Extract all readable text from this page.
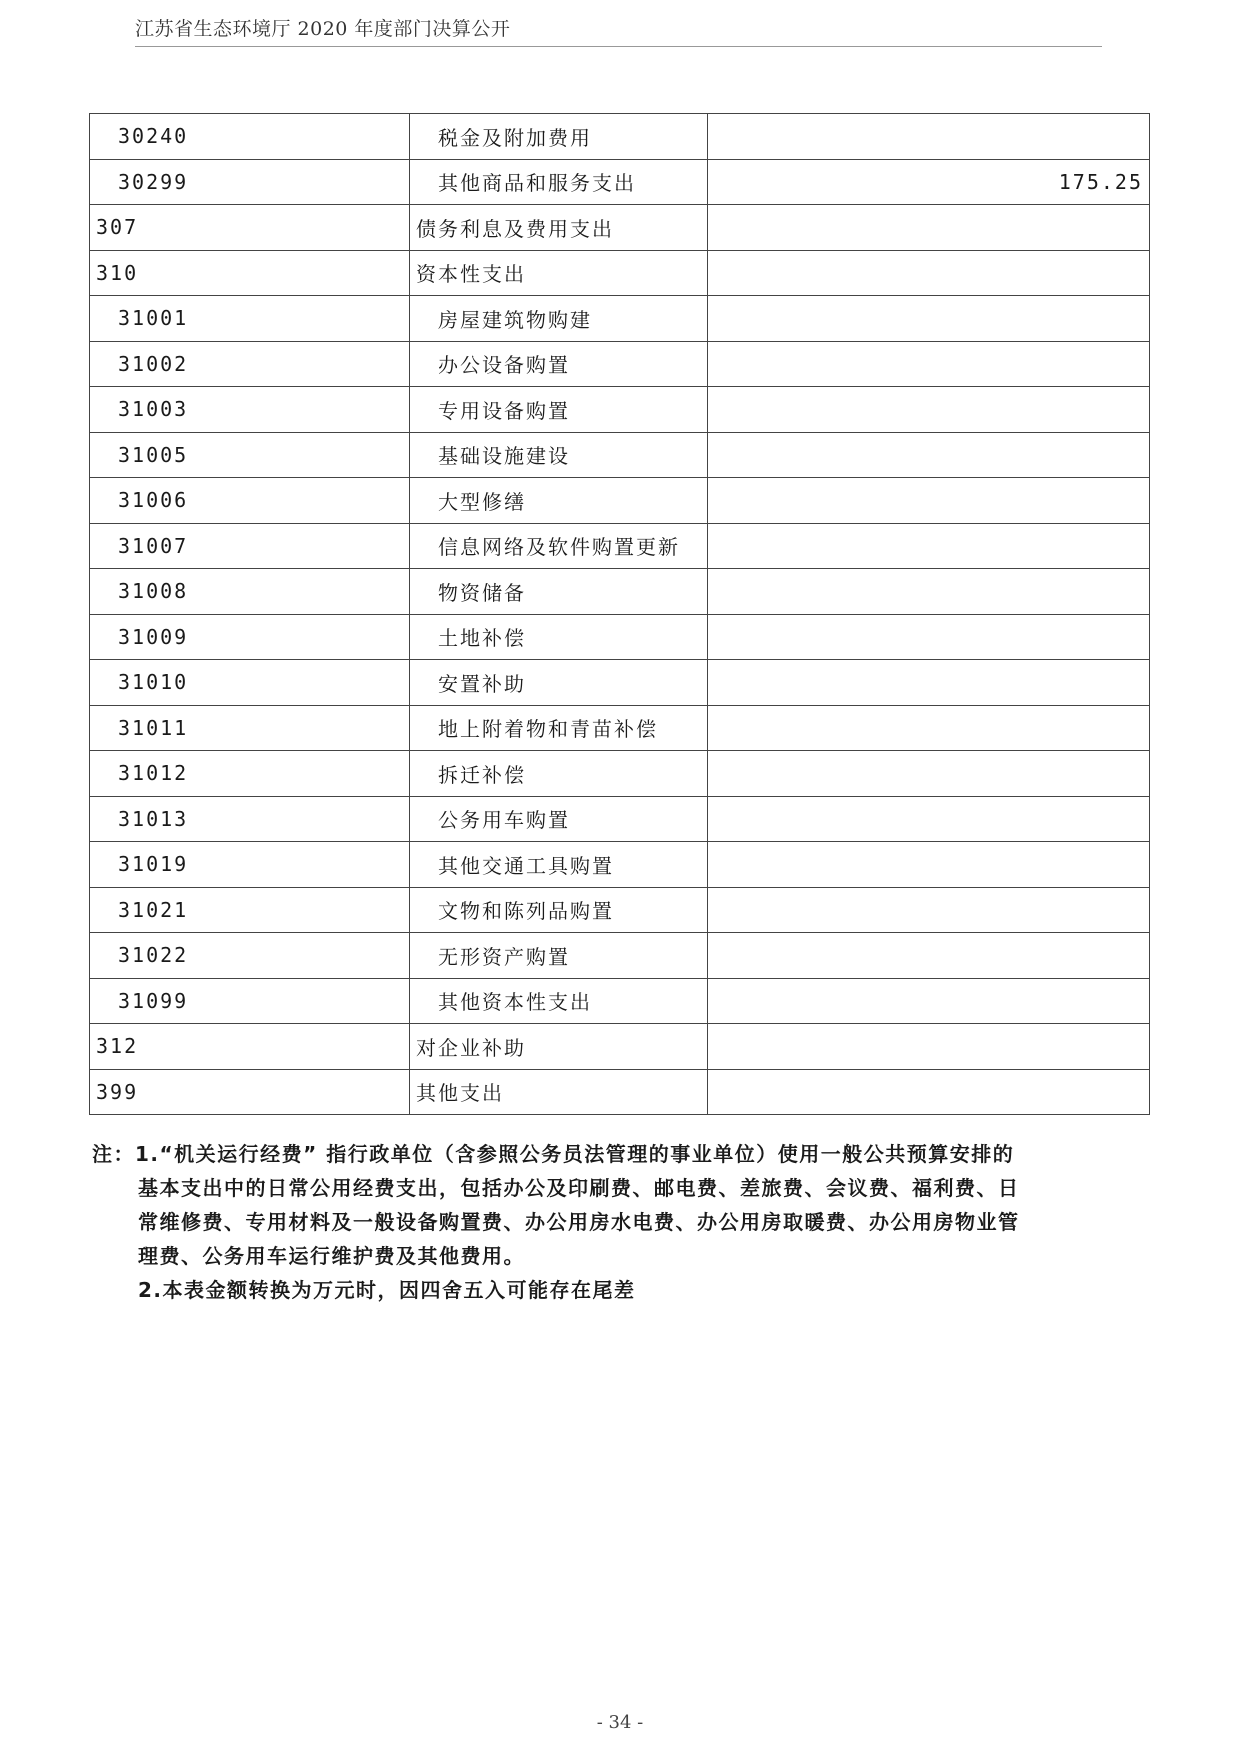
江苏省生态环境厅 2020 年度部门决算公开
30240	税金及附加费用	
30299	其他商品和服务支出	175.25
307	债务利息及费用支出	
310	资本性支出	
31001	房屋建筑物购建	
31002	办公设备购置	
31003	专用设备购置	
31005	基础设施建设	
31006	大型修缮	
31007	信息网络及软件购置更新	
31008	物资储备	
31009	土地补偿	
31010	安置补助	
31011	地上附着物和青苗补偿	
31012	拆迁补偿	
31013	公务用车购置	
31019	其他交通工具购置	
31021	文物和陈列品购置	
31022	无形资产购置	
31099	其他资本性支出	
312	对企业补助	
399	其他支出	
注：1.“机关运行经费” 指行政单位（含参照公务员法管理的事业单位）使用一般公共预算安排的
基本支出中的日常公用经费支出，包括办公及印刷费、邮电费、差旅费、会议费、福利费、日
常维修费、专用材料及一般设备购置费、办公用房水电费、办公用房取暖费、办公用房物业管
理费、公务用车运行维护费及其他费用。
2.本表金额转换为万元时，因四舍五入可能存在尾差
- 34 -
